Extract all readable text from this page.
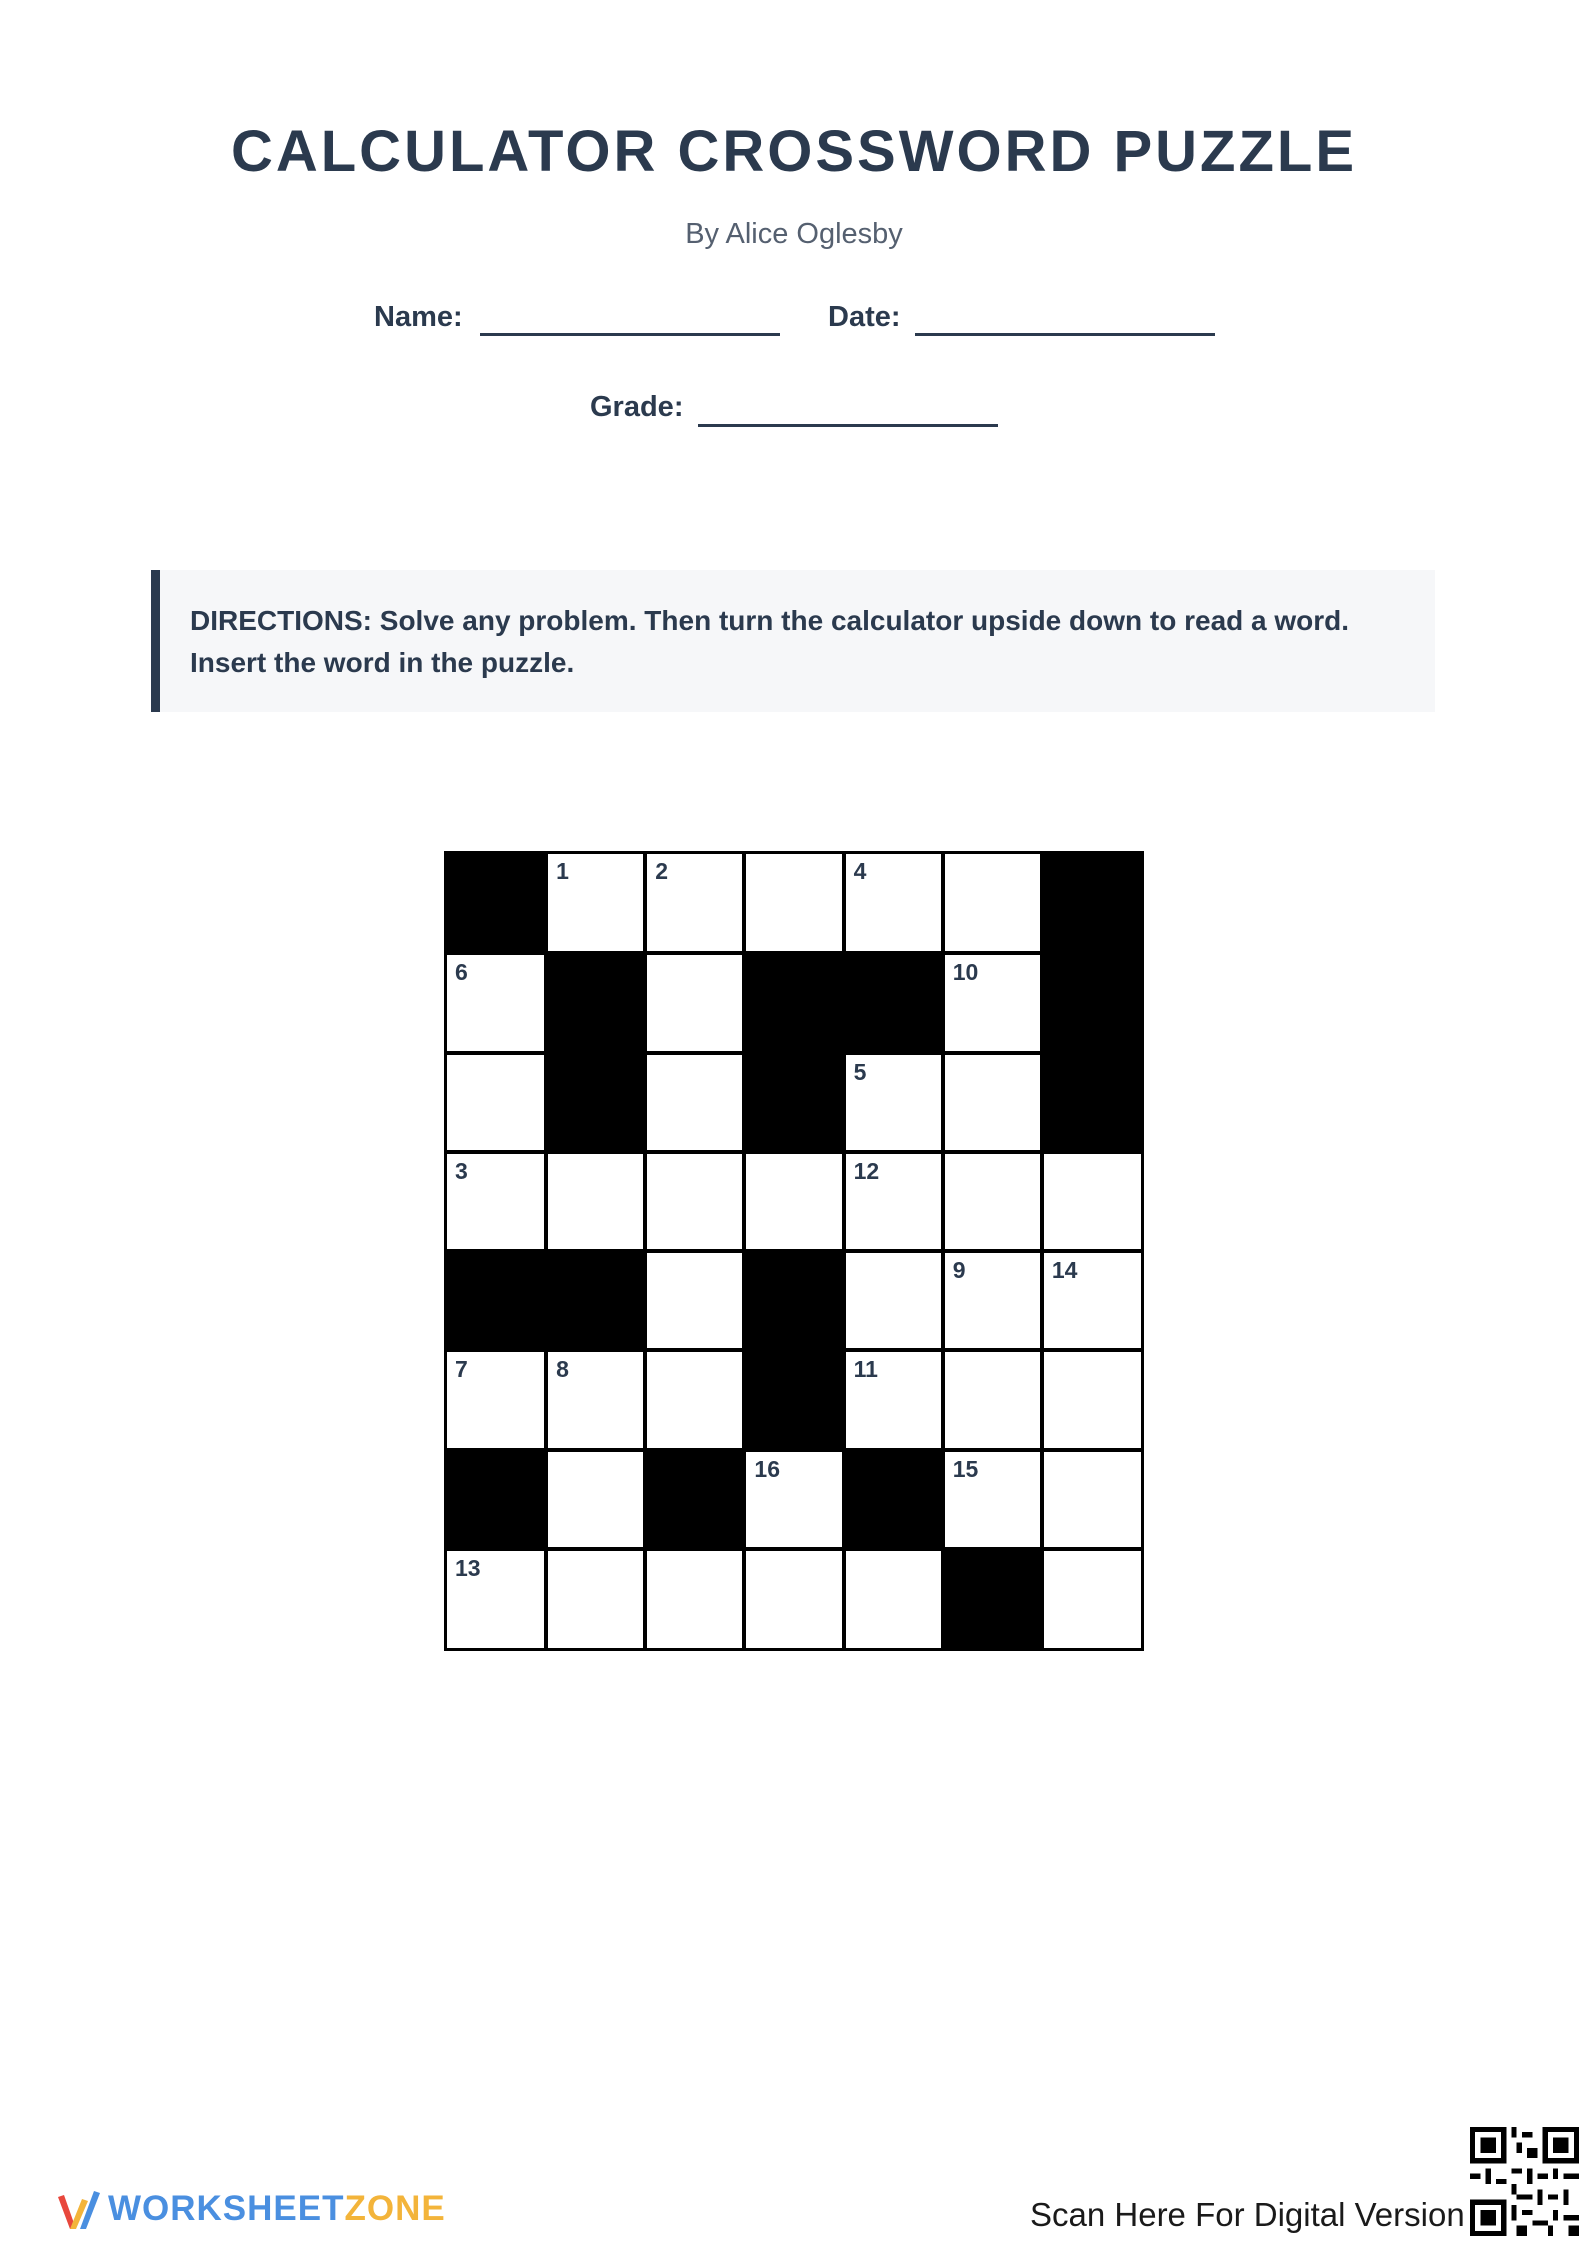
CALCULATOR CROSSWORD PUZZLE
By Alice Oglesby
Name:	Date:
Grade:
DIRECTIONS: Solve any problem. Then turn the calculator upside down to read a word.
Insert the word in the puzzle.
1	2	4
6	10
5
3	12
9	14
7	8	11
16	15
13
WORKSHEETZONE	Scan Here For Digital Version
